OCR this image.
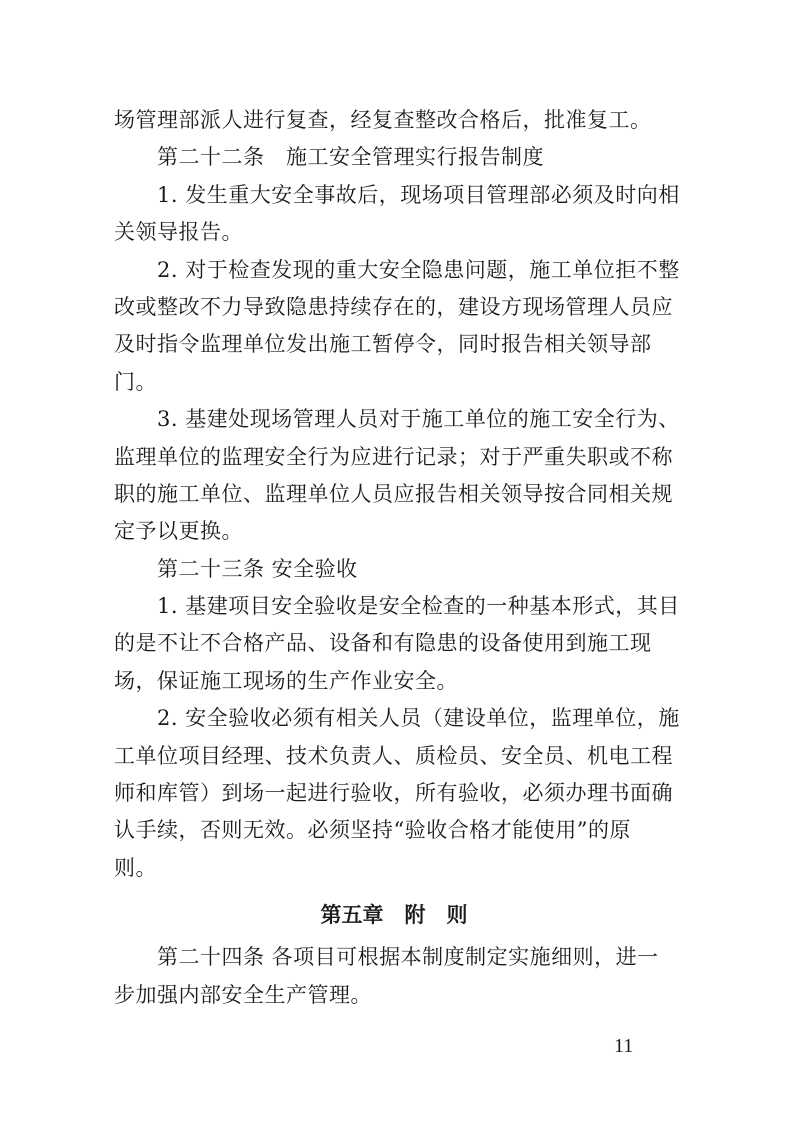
场管理部派人进行复查，经复查整改合格后，批准复工。
第二十二条　施工安全管理实行报告制度
1. 发生重大安全事故后，现场项目管理部必须及时向相
关领导报告。
2. 对于检查发现的重大安全隐患问题，施工单位拒不整
改或整改不力导致隐患持续存在的，建设方现场管理人员应
及时指令监理单位发出施工暂停令，同时报告相关领导部
门。
3. 基建处现场管理人员对于施工单位的施工安全行为、
监理单位的监理安全行为应进行记录；对于严重失职或不称
职的施工单位、监理单位人员应报告相关领导按合同相关规
定予以更换。
第二十三条 安全验收
1. 基建项目安全验收是安全检查的一种基本形式，其目
的是不让不合格产品、设备和有隐患的设备使用到施工现
场，保证施工现场的生产作业安全。
2. 安全验收必须有相关人员（建设单位，监理单位，施
工单位项目经理、技术负责人、质检员、安全员、机电工程
师和库管）到场一起进行验收，所有验收，必须办理书面确
认手续，否则无效。必须坚持“验收合格才能使用”的原
则。
第五章　附　则
第二十四条 各项目可根据本制度制定实施细则，进一
步加强内部安全生产管理。
11
